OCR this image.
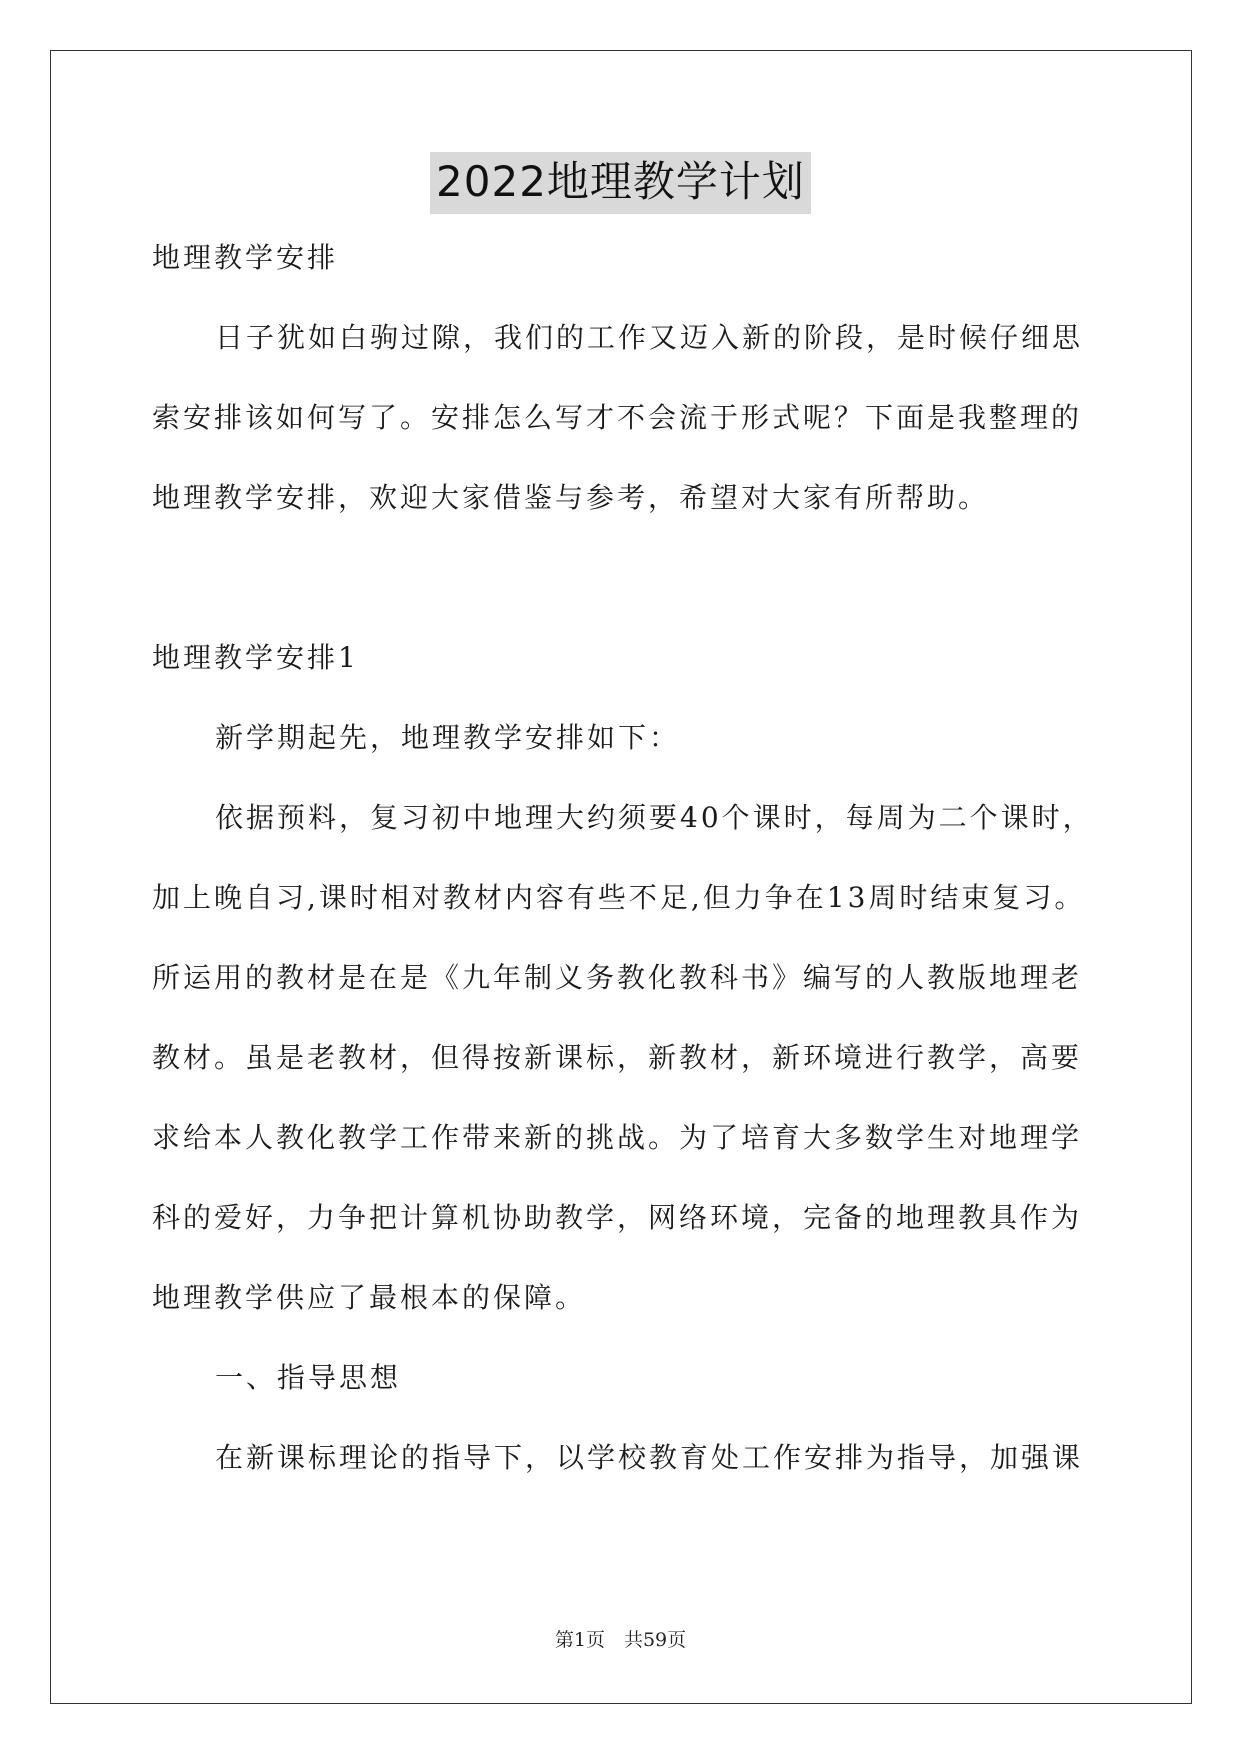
2022地理教学计划
地理教学安排
日子犹如白驹过隙，我们的工作又迈入新的阶段，是时候仔细思
索安排该如何写了。安排怎么写才不会流于形式呢？下面是我整理的
地理教学安排，欢迎大家借鉴与参考，希望对大家有所帮助。
地理教学安排1
新学期起先，地理教学安排如下：
依据预料，复习初中地理大约须要40个课时，每周为二个课时，
加上晚自习,课时相对教材内容有些不足,但力争在13周时结束复习。
所运用的教材是在是《九年制义务教化教科书》编写的人教版地理老
教材。虽是老教材，但得按新课标，新教材，新环境进行教学，高要
求给本人教化教学工作带来新的挑战。为了培育大多数学生对地理学
科的爱好，力争把计算机协助教学，网络环境，完备的地理教具作为
地理教学供应了最根本的保障。
一、指导思想
在新课标理论的指导下，以学校教育处工作安排为指导，加强课
第1页　共59页
